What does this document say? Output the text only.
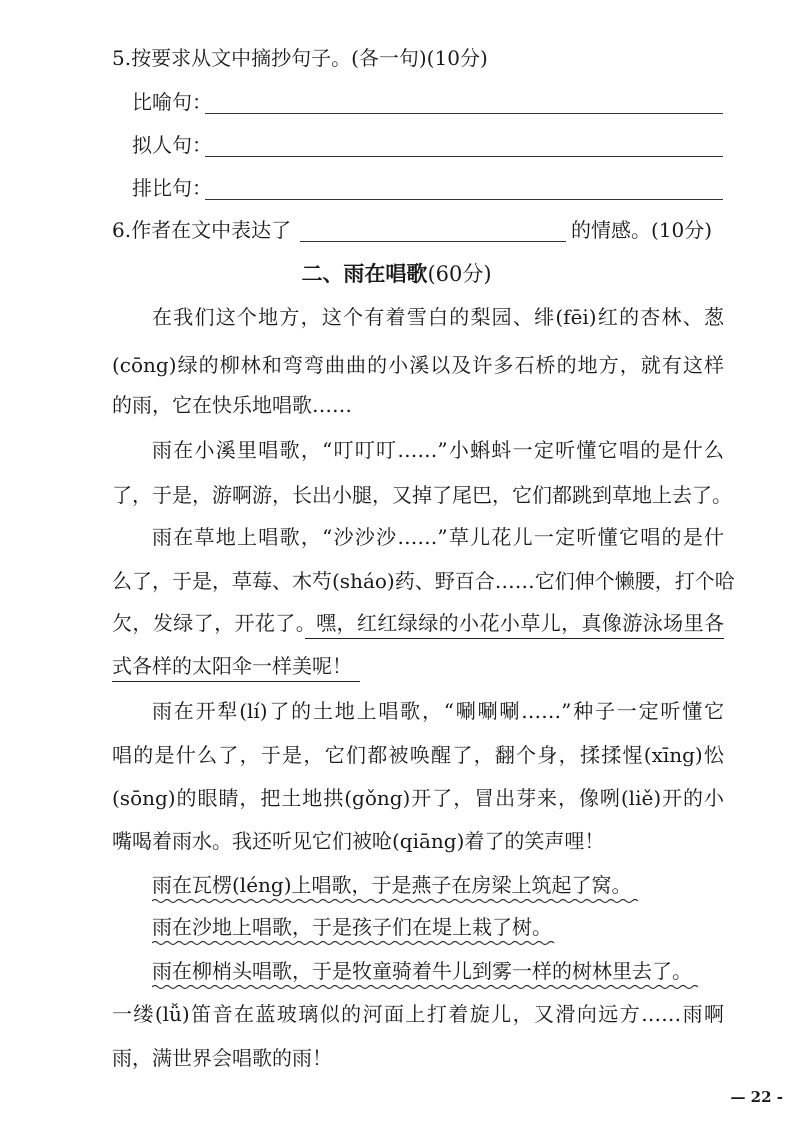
5.按要求从文中摘抄句子。(各一句)(10分)
比喻句：
拟人句：
排比句：
6.作者在文中表达了	的情感。(10分)
二、雨在唱歌(60分)
在我们这个地方，这个有着雪白的梨园、绯(fēi)红的杏林、葱
(cōng)绿的柳林和弯弯曲曲的小溪以及许多石桥的地方，就有这样
的雨，它在快乐地唱歌……
雨在小溪里唱歌，“叮叮叮……”小蝌蚪一定听懂它唱的是什么
了，于是，游啊游，长出小腿，又掉了尾巴，它们都跳到草地上去了。
雨在草地上唱歌，“沙沙沙……”草儿花儿一定听懂它唱的是什
么了，于是，草莓、木芍(sháo)药、野百合……它们伸个懒腰，打个哈
欠，发绿了，开花了。嘿，红红绿绿的小花小草儿，真像游泳场里各
式各样的太阳伞一样美呢！
雨在开犁(lí)了的土地上唱歌，“唰唰唰……”种子一定听懂它
唱的是什么了，于是，它们都被唤醒了，翻个身，揉揉惺(xīng)忪
(sōng)的眼睛，把土地拱(gǒng)开了，冒出芽来，像咧(liě)开的小
嘴喝着雨水。我还听见它们被呛(qiāng)着了的笑声哩！
雨在瓦楞(léng)上唱歌，于是燕子在房梁上筑起了窝。
雨在沙地上唱歌，于是孩子们在堤上栽了树。
雨在柳梢头唱歌，于是牧童骑着牛儿到雾一样的树林里去了。
一缕(lǚ)笛音在蓝玻璃似的河面上打着旋儿，又滑向远方……雨啊
雨，满世界会唱歌的雨！
— 22 -
